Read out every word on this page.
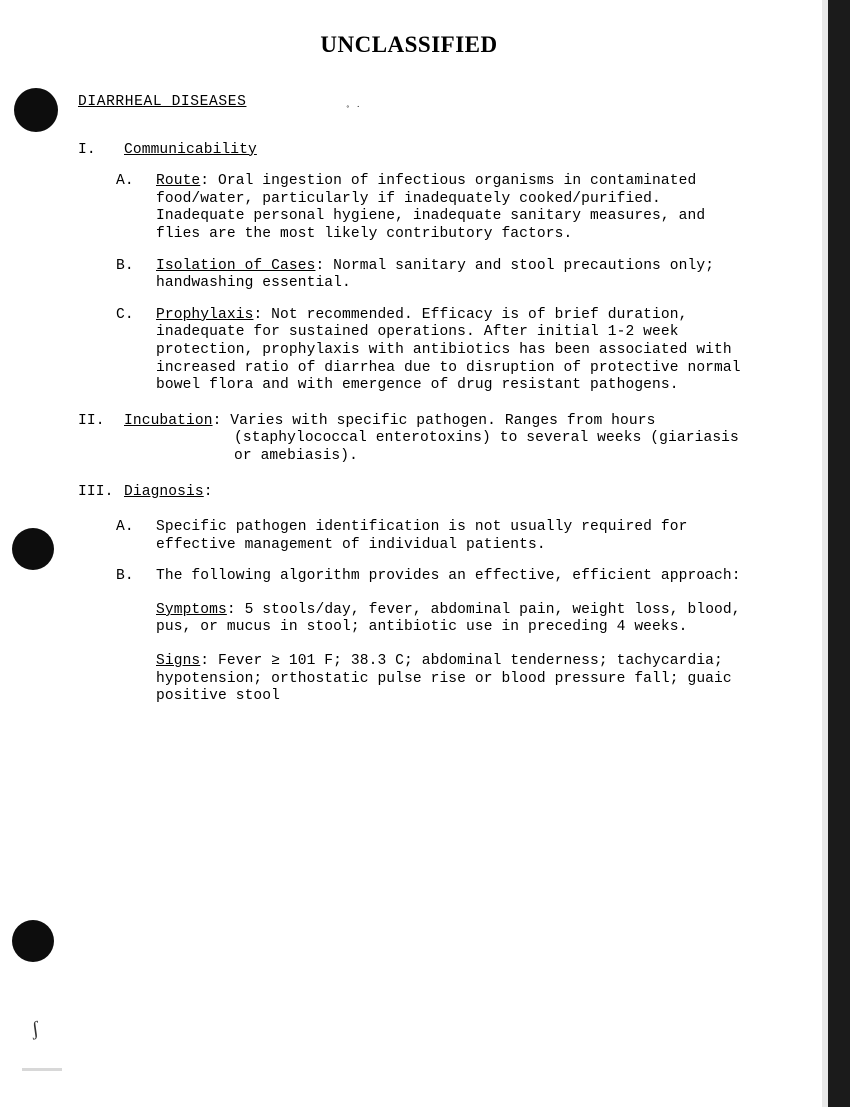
UNCLASSIFIED
DIARRHEAL DISEASES	˚ ˙
I.	Communicability
A.	Route: Oral ingestion of infectious organisms in contaminated food/water, particularly if inadequately cooked/purified. Inadequate personal hygiene, inadequate sanitary measures, and flies are the most likely contributory factors.
B.	Isolation of Cases: Normal sanitary and stool precautions only; handwashing essential.
C.	Prophylaxis: Not recommended. Efficacy is of brief duration, inadequate for sustained operations. After initial 1-2 week protection, prophylaxis with antibiotics has been associated with increased ratio of diarrhea due to disruption of protective normal bowel flora and with emergence of drug resistant pathogens.
II.	Incubation: Varies with specific pathogen. Ranges from hours (staphylococcal enterotoxins) to several weeks (giariasis or amebiasis).
III. Diagnosis:
A.	Specific pathogen identification is not usually required for effective management of individual patients.
B.	The following algorithm provides an effective, efficient approach:
Symptoms: 5 stools/day, fever, abdominal pain, weight loss, blood, pus, or mucus in stool; antibiotic use in preceding 4 weeks.
Signs: Fever ≥ 101 F; 38.3 C; abdominal tenderness; tachycardia; hypotension; orthostatic pulse rise or blood pressure fall; guaic positive stool
ʃ
